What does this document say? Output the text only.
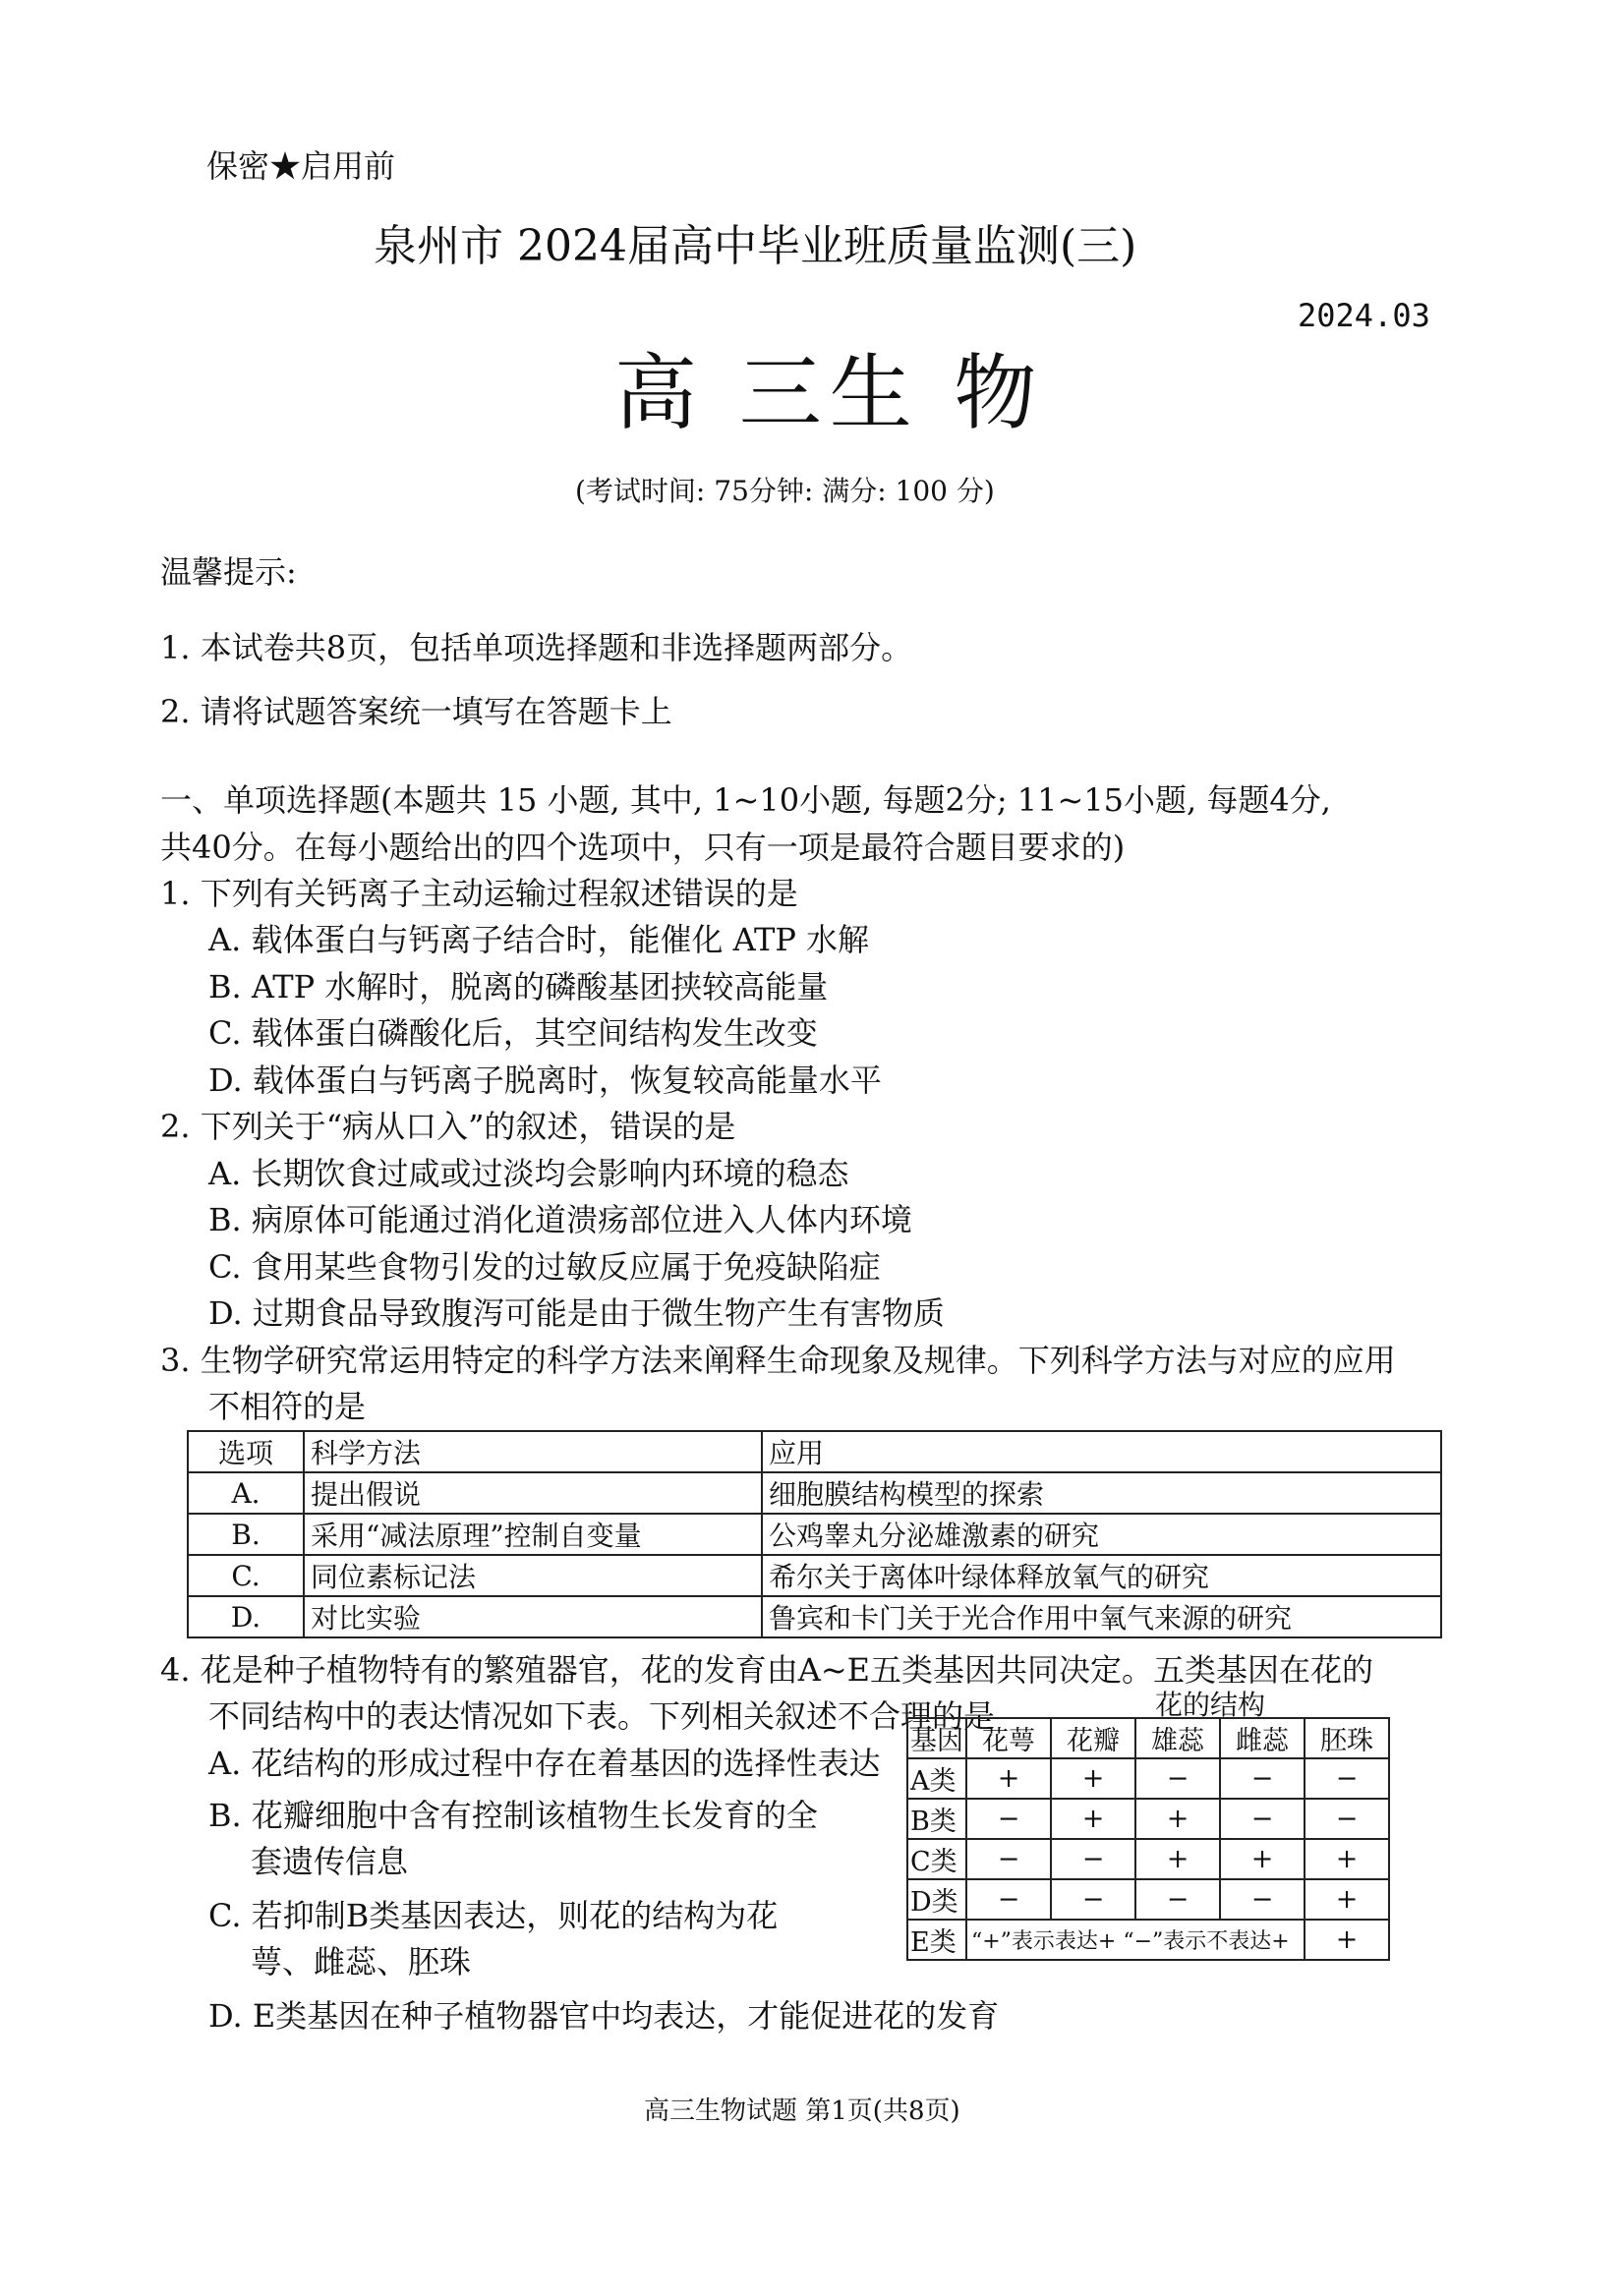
保密★启用前
泉州市 2024届高中毕业班质量监测(三)
2024.03
高 三生 物
(考试时间: 75分钟: 满分: 100 分)
温馨提示:
1. 本试卷共8页，包括单项选择题和非选择题两部分。
2. 请将试题答案统一填写在答题卡上
一、单项选择题(本题共 15 小题, 其中, 1~10小题, 每题2分; 11~15小题, 每题4分,
共40分。在每小题给出的四个选项中，只有一项是最符合题目要求的)
1. 下列有关钙离子主动运输过程叙述错误的是
A. 载体蛋白与钙离子结合时，能催化 ATP 水解
B. ATP 水解时，脱离的磷酸基团挟较高能量
C. 载体蛋白磷酸化后，其空间结构发生改变
D. 载体蛋白与钙离子脱离时，恢复较高能量水平
2. 下列关于“病从口入”的叙述，错误的是
A. 长期饮食过咸或过淡均会影响内环境的稳态
B. 病原体可能通过消化道溃疡部位进入人体内环境
C. 食用某些食物引发的过敏反应属于免疫缺陷症
D. 过期食品导致腹泻可能是由于微生物产生有害物质
3. 生物学研究常运用特定的科学方法来阐释生命现象及规律。下列科学方法与对应的应用
不相符的是
选项	科学方法	应用
A.	提出假说	细胞膜结构模型的探索
B.	采用“减法原理”控制自变量	公鸡睾丸分泌雄激素的研究
C.	同位素标记法	希尔关于离体叶绿体释放氧气的研究
D.	对比实验	鲁宾和卡门关于光合作用中氧气来源的研究
4. 花是种子植物特有的繁殖器官，花的发育由A~E五类基因共同决定。五类基因在花的
不同结构中的表达情况如下表。下列相关叙述不合理的是	花的结构
基因	花萼	花瓣	雄蕊	雌蕊	胚珠
A类	+	+	−	−	−
B类	−	+	+	−	−
C类	−	−	+	+	+
D类	−	−	−	−	+
E类	“+”表示表达+ “−”表示不表达+				+
A. 花结构的形成过程中存在着基因的选择性表达
B. 花瓣细胞中含有控制该植物生长发育的全
套遗传信息
C. 若抑制B类基因表达，则花的结构为花
萼、雌蕊、胚珠
D. E类基因在种子植物器官中均表达，才能促进花的发育
高三生物试题 第1页(共8页)
